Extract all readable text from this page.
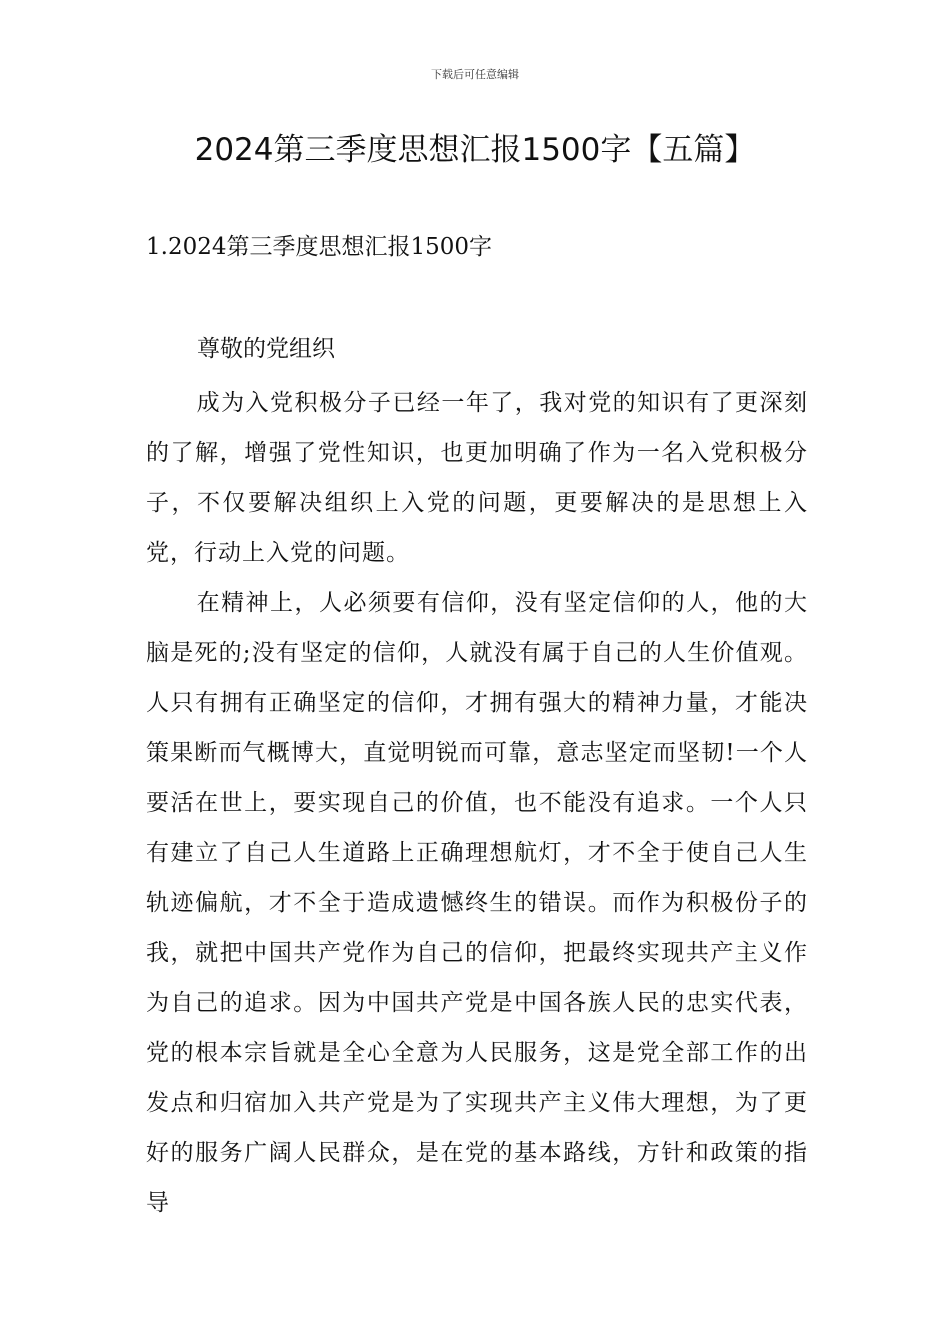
下载后可任意编辑
2024第三季度思想汇报1500字【五篇】
1.2024第三季度思想汇报1500字
尊敬的党组织

成为入党积极分子已经一年了，我对党的知识有了更深刻的了解，增强了党性知识，也更加明确了作为一名入党积极分子，不仅要解决组织上入党的问题，更要解决的是思想上入党，行动上入党的问题。

在精神上，人必须要有信仰，没有坚定信仰的人，他的大脑是死的;没有坚定的信仰，人就没有属于自己的人生价值观。人只有拥有正确坚定的信仰，才拥有强大的精神力量，才能决策果断而气概博大，直觉明锐而可靠，意志坚定而坚韧!一个人要活在世上，要实现自己的价值，也不能没有追求。一个人只有建立了自己人生道路上正确理想航灯，才不全于使自己人生轨迹偏航，才不全于造成遗憾终生的错误。而作为积极份子的我，就把中国共产党作为自己的信仰，把最终实现共产主义作为自己的追求。因为中国共产党是中国各族人民的忠实代表，党的根本宗旨就是全心全意为人民服务，这是党全部工作的出发点和归宿加入共产党是为了实现共产主义伟大理想，为了更好的服务广阔人民群众，是在党的基本路线，方针和政策的指导
